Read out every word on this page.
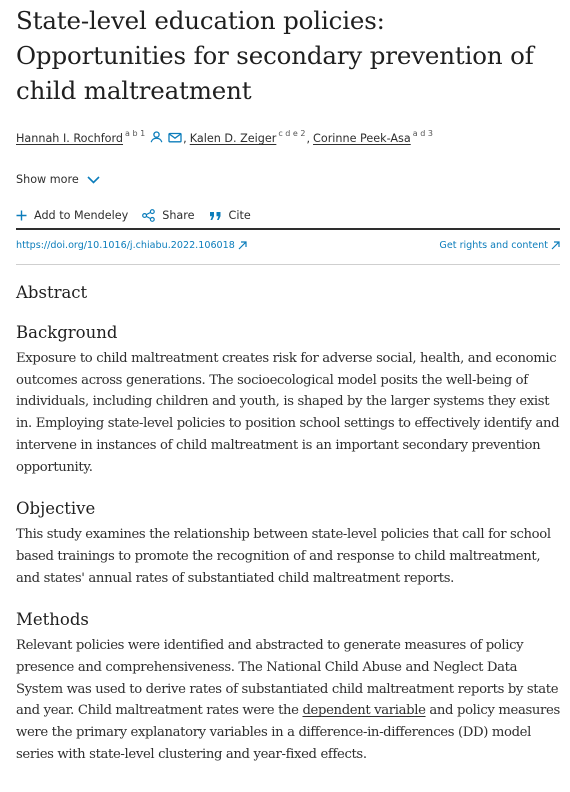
State-level education policies: Opportunities for secondary prevention of child maltreatment
Hannah I. Rochford a b 1	, Kalen D. Zeiger c d e 2 , Corinne Peek-Asa a d 3
Show more
Add to Mendeley	Share	Cite
https://doi.org/10.1016/j.chiabu.2022.106018	Get rights and content
Abstract
Background

Exposure to child maltreatment creates risk for adverse social, health, and economic outcomes across generations. The socioecological model posits the well-being of individuals, including children and youth, is shaped by the larger systems they exist in. Employing state-level policies to position school settings to effectively identify and intervene in instances of child maltreatment is an important secondary prevention opportunity.

Objective

This study examines the relationship between state-level policies that call for school based trainings to promote the recognition of and response to child maltreatment, and states' annual rates of substantiated child maltreatment reports.

Methods

Relevant policies were identified and abstracted to generate measures of policy presence and comprehensiveness. The National Child Abuse and Neglect Data System was used to derive rates of substantiated child maltreatment reports by state and year. Child maltreatment rates were the dependent variable and policy measures were the primary explanatory variables in a difference-in-differences (DD) model series with state-level clustering and year-fixed effects.
